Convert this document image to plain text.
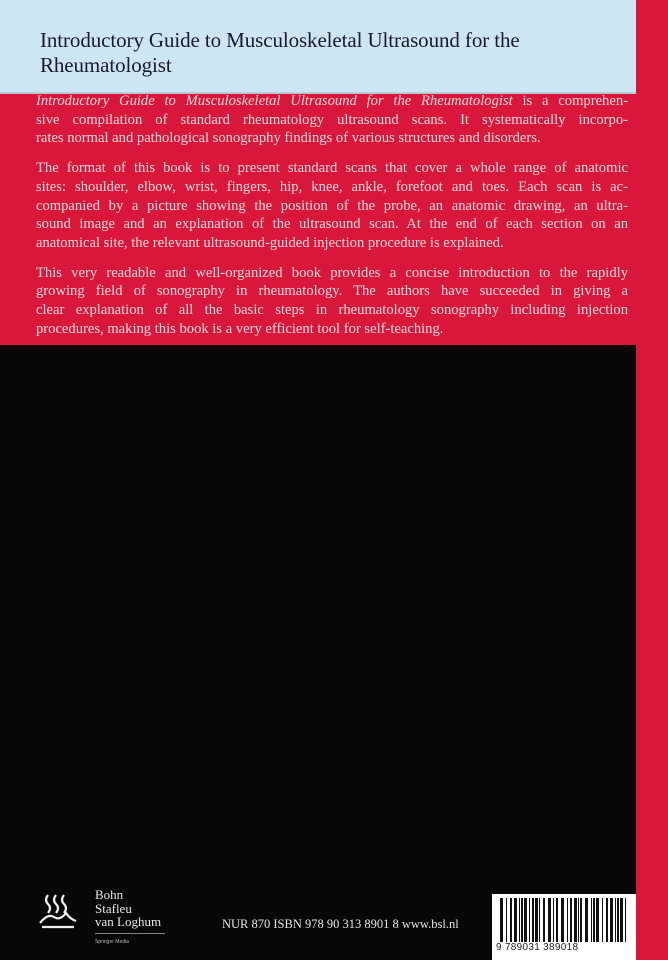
Introductory Guide to Musculoskeletal Ultrasound for the Rheumatologist

Introductory Guide to Musculoskeletal Ultrasound for the Rheumatologist is a comprehen-
sive compilation of standard rheumatology ultrasound scans. It systematically incorpo-
rates normal and pathological sonography findings of various structures and disorders.

The format of this book is to present standard scans that cover a whole range of anatomic
sites: shoulder, elbow, wrist, fingers, hip, knee, ankle, forefoot and toes. Each scan is ac-
companied by a picture showing the position of the probe, an anatomic drawing, an ultra-
sound image and an explanation of the ultrasound scan. At the end of each section on an
anatomical site, the relevant ultrasound-guided injection procedure is explained.

This very readable and well-organized book provides a concise introduction to the rapidly
growing field of sonography in rheumatology. The authors have succeeded in giving a
clear explanation of all the basic steps in rheumatology sonography including injection
procedures, making this book is a very efficient tool for self-teaching.

Bohn
Stafleu
van Loghum
Springer Media
NUR 870 ISBN 978 90 313 8901 8 www.bsl.nl
9 789031 389018
